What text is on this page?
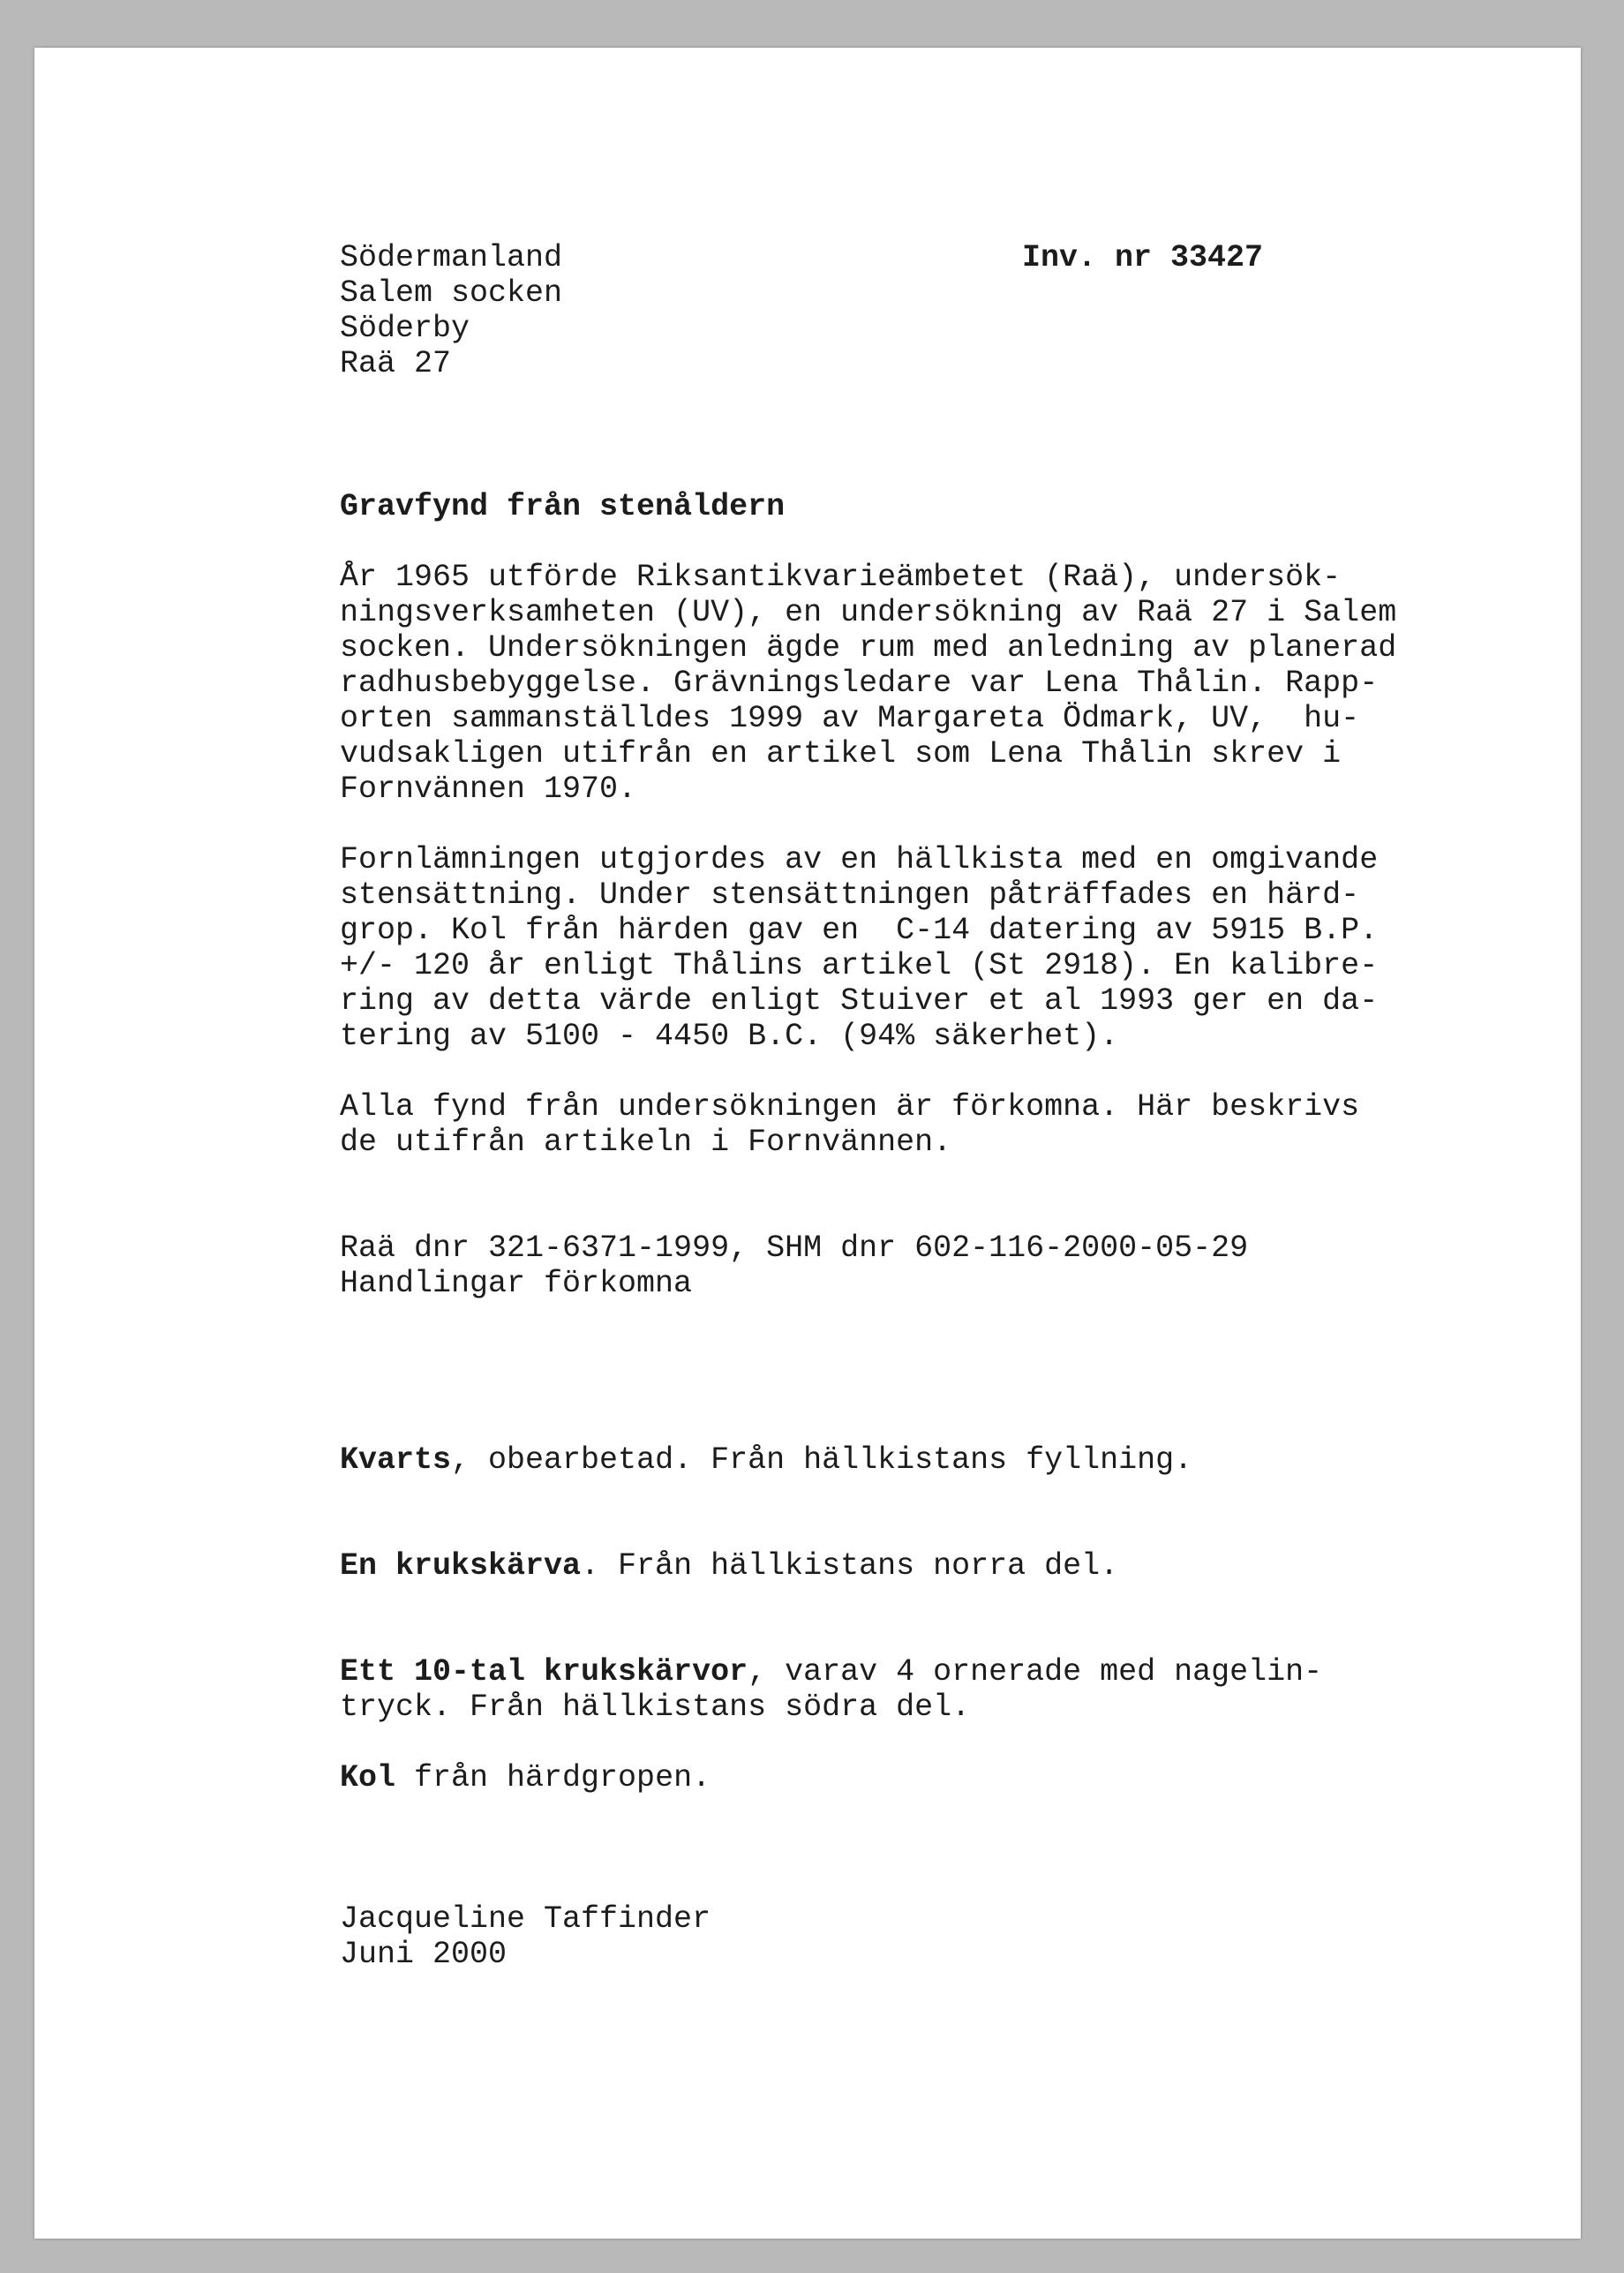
Södermanland
Salem socken
Söderby
Raä 27
Inv. nr 33427
Gravfynd från stenåldern
År 1965 utförde Riksantikvarieämbetet (Raä), undersök-
ningsverksamheten (UV), en undersökning av Raä 27 i Salem
socken. Undersökningen ägde rum med anledning av planerad
radhusbebyggelse. Grävningsledare var Lena Thålin. Rapp-
orten sammanställdes 1999 av Margareta Ödmark, UV,  hu-
vudsakligen utifrån en artikel som Lena Thålin skrev i
Fornvännen 1970.
Fornlämningen utgjordes av en hällkista med en omgivande
stensättning. Under stensättningen påträffades en härd-
grop. Kol från härden gav en  C-14 datering av 5915 B.P.
+/- 120 år enligt Thålins artikel (St 2918). En kalibre-
ring av detta värde enligt Stuiver et al 1993 ger en da-
tering av 5100 - 4450 B.C. (94% säkerhet).
Alla fynd från undersökningen är förkomna. Här beskrivs
de utifrån artikeln i Fornvännen.
Raä dnr 321-6371-1999, SHM dnr 602-116-2000-05-29
Handlingar förkomna
Kvarts, obearbetad. Från hällkistans fyllning.
En krukskärva. Från hällkistans norra del.
Ett 10-tal krukskärvor, varav 4 ornerade med nagelin-
tryck. Från hällkistans södra del.
Kol från härdgropen.
Jacqueline Taffinder
Juni 2000
